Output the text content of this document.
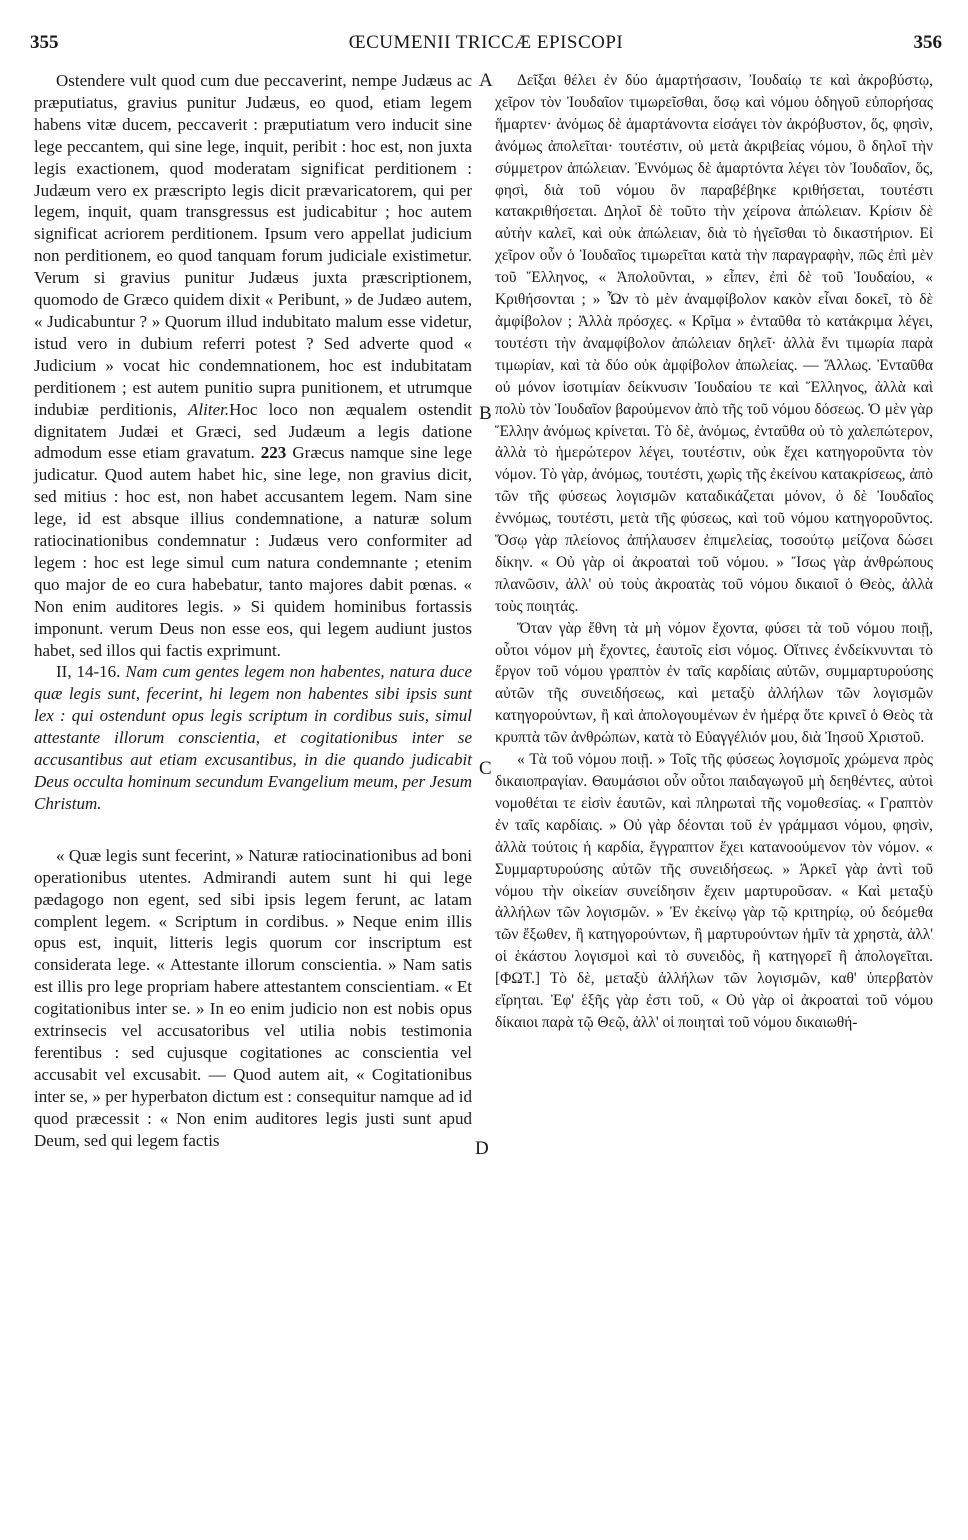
355	ŒCUMENII TRICCÆ EPISCOPI	356
A
B
C
D

Ostendere vult quod cum due peccaverint, nempe Judæus ac præputiatus, gravius punitur Judæus, eo quod, etiam legem habens vitæ ducem, peccaverit : præputiatum vero inducit sine lege peccantem, qui sine lege, inquit, peribit : hoc est, non juxta legis exactionem, quod moderatam significat perditionem : Judæum vero ex præscripto legis dicit prævaricatorem, qui per legem, inquit, quam transgressus est judicabitur ; hoc autem significat acriorem perditionem. Ipsum vero appellat judicium non perditionem, eo quod tanquam forum judiciale existimetur. Verum si gravius punitur Judæus juxta præscriptionem, quomodo de Græco quidem dixit « Peribunt, » de Judæo autem, « Judicabuntur ? » Quorum illud indubitato malum esse videtur, istud vero in dubium referri potest ? Sed adverte quod « Judicium » vocat hic condemnationem, hoc est indubitatam perditionem ; est autem punitio supra punitionem, et utrumque indubiæ perditionis, Aliter.Hoc loco non æqualem ostendit dignitatem Judæi et Græci, sed Judæum a legis datione admodum esse etiam gravatum. 223 Græcus namque sine lege judicatur. Quod autem habet hic, sine lege, non gravius dicit, sed mitius : hoc est, non habet accusantem legem. Nam sine lege, id est absque illius condemnatione, a naturæ solum ratiocinationibus condemnatur : Judæus vero conformiter ad legem : hoc est lege simul cum natura condemnante ; etenim quo major de eo cura habebatur, tanto majores dabit pœnas. « Non enim auditores legis. » Si quidem hominibus fortassis imponunt. verum Deus non esse eos, qui legem audiunt justos habet, sed illos qui factis exprimunt.

II, 14-16. Nam cum gentes legem non habentes, natura duce quæ legis sunt, fecerint, hi legem non habentes sibi ipsis sunt lex : qui ostendunt opus legis scriptum in cordibus suis, simul attestante illorum conscientia, et cogitationibus inter se accusantibus aut etiam excusantibus, in die quando judicabit Deus occulta hominum secundum Evangelium meum, per Jesum Christum.

« Quæ legis sunt fecerint, » Naturæ ratiocinationibus ad boni operationibus utentes. Admirandi autem sunt hi qui lege pædagogo non egent, sed sibi ipsis legem ferunt, ac latam complent legem. « Scriptum in cordibus. » Neque enim illis opus est, inquit, litteris legis quorum cor inscriptum est considerata lege. « Attestante illorum conscientia. » Nam satis est illis pro lege propriam habere attestantem conscientiam. « Et cogitationibus inter se. » In eo enim judicio non est nobis opus extrinsecis vel accusatoribus vel utilia nobis testimonia ferentibus : sed cujusque cogitationes ac conscientia vel accusabit vel excusabit. — Quod autem ait, « Cogitationibus inter se, » per hyperbaton dictum est : consequitur namque ad id quod præcessit : « Non enim auditores legis justi sunt apud Deum, sed qui legem factis

Δεῖξαι θέλει ἐν δύο ἁμαρτήσασιν, Ἰουδαίῳ τε καὶ ἀκροβύστῳ, χεῖρον τὸν Ἰουδαῖον τιμωρεῖσθαι, ὅσῳ καὶ νόμου ὁδηγοῦ εὐπορήσας ἥμαρτεν· ἀνόμως δὲ ἁμαρτάνοντα εἰσάγει τὸν ἀκρόβυστον, ὅς, φησὶν, ἀνόμως ἀπολεῖται· τουτέστιν, οὐ μετὰ ἀκριβείας νόμου, ὃ δηλοῖ τὴν σύμμετρον ἀπώλειαν. Ἐννόμως δὲ ἁμαρτόντα λέγει τὸν Ἰουδαῖον, ὅς, φησὶ, διὰ τοῦ νόμου ὃν παραβέβηκε κριθήσεται, τουτέστι κατακριθήσεται. Δηλοῖ δὲ τοῦτο τὴν χείρονα ἀπώλειαν. Κρίσιν δὲ αὐτὴν καλεῖ, καὶ οὐκ ἀπώλειαν, διὰ τὸ ἡγεῖσθαι τὸ δικαστήριον. Εἰ χεῖρον οὖν ὁ Ἰουδαῖος τιμωρεῖται κατὰ τὴν παραγραφὴν, πῶς ἐπὶ μὲν τοῦ Ἕλληνος, « Ἀπολοῦνται, » εἶπεν, ἐπὶ δὲ τοῦ Ἰουδαίου, « Κριθήσονται ; » Ὧν τὸ μὲν ἀναμφίβολον κακὸν εἶναι δοκεῖ, τὸ δὲ ἀμφίβολον ; Ἀλλὰ πρόσχες. « Κρῖμα » ἐνταῦθα τὸ κατάκριμα λέγει, τουτέστι τὴν ἀναμφίβολον ἀπώλειαν δηλεῖ· ἀλλὰ ἔνι τιμωρία παρὰ τιμωρίαν, καὶ τὰ δύο οὐκ ἀμφίβολον ἀπωλείας. — Ἄλλως. Ἐνταῦθα οὐ μόνον ἰσοτιμίαν δείκνυσιν Ἰουδαίου τε καὶ Ἕλληνος, ἀλλὰ καὶ πολὺ τὸν Ἰουδαῖον βαρούμενον ἀπὸ τῆς τοῦ νόμου δόσεως. Ὁ μὲν γὰρ Ἕλλην ἀνόμως κρίνεται. Τὸ δὲ, ἀνόμως, ἐνταῦθα οὐ τὸ χαλεπώτερον, ἀλλὰ τὸ ἡμερώτερον λέγει, τουτέστιν, οὐκ ἔχει κατηγοροῦντα τὸν νόμον. Τὸ γὰρ, ἀνόμως, τουτέστι, χωρὶς τῆς ἐκείνου κατακρίσεως, ἀπὸ τῶν τῆς φύσεως λογισμῶν καταδικάζεται μόνον, ὁ δὲ Ἰουδαῖος ἐννόμως, τουτέστι, μετὰ τῆς φύσεως, καὶ τοῦ νόμου κατηγοροῦντος. Ὅσῳ γὰρ πλείονος ἀπήλαυσεν ἐπιμελείας, τοσούτῳ μείζονα δώσει δίκην. « Οὐ γὰρ οἱ ἀκροαταὶ τοῦ νόμου. » Ἴσως γὰρ ἀνθρώπους πλανῶσιν, ἀλλ' οὐ τοὺς ἀκροατὰς τοῦ νόμου δικαιοῖ ὁ Θεὸς, ἀλλὰ τοὺς ποιητάς.

Ὅταν γὰρ ἔθνη τὰ μὴ νόμον ἔχοντα, φύσει τὰ τοῦ νόμου ποιῇ, οὗτοι νόμον μὴ ἔχοντες, ἑαυτοῖς εἰσι νόμος. Οἵτινες ἐνδείκνυνται τὸ ἔργον τοῦ νόμου γραπτὸν ἐν ταῖς καρδίαις αὐτῶν, συμμαρτυρούσης αὐτῶν τῆς συνειδήσεως, καὶ μεταξὺ ἀλλήλων τῶν λογισμῶν κατηγορούντων, ἢ καὶ ἀπολογουμένων ἐν ἡμέρᾳ ὅτε κρινεῖ ὁ Θεὸς τὰ κρυπτὰ τῶν ἀνθρώπων, κατὰ τὸ Εὐαγγέλιόν μου, διὰ Ἰησοῦ Χριστοῦ.

« Τὰ τοῦ νόμου ποιῇ. » Τοῖς τῆς φύσεως λογισμοῖς χρώμενα πρὸς δικαιοπραγίαν. Θαυμάσιοι οὖν οὗτοι παιδαγωγοῦ μὴ δεηθέντες, αὐτοὶ νομοθέται τε εἰσὶν ἑαυτῶν, καὶ πληρωταὶ τῆς νομοθεσίας. « Γραπτὸν ἐν ταῖς καρδίαις. » Οὐ γὰρ δέονται τοῦ ἐν γράμμασι νόμου, φησὶν, ἀλλὰ τούτοις ἡ καρδία, ἔγγραπτον ἔχει κατανοούμενον τὸν νόμον. « Συμμαρτυρούσης αὐτῶν τῆς συνειδήσεως. » Ἀρκεῖ γὰρ ἀντὶ τοῦ νόμου τὴν οἰκείαν συνείδησιν ἔχειν μαρτυροῦσαν. « Καὶ μεταξὺ ἀλλήλων τῶν λογισμῶν. » Ἐν ἐκείνῳ γὰρ τῷ κριτηρίῳ, οὐ δεόμεθα τῶν ἔξωθεν, ἢ κατηγορούντων, ἢ μαρτυρούντων ἡμῖν τὰ χρηστὰ, ἀλλ' οἱ ἑκάστου λογισμοὶ καὶ τὸ συνειδὸς, ἢ κατηγορεῖ ἢ ἀπολογεῖται. [ΦΩΤ.] Τὸ δὲ, μεταξὺ ἀλλήλων τῶν λογισμῶν, καθ' ὑπερβατὸν εἴρηται. Ἐφ' ἑξῆς γὰρ ἐστι τοῦ, « Οὐ γὰρ οἱ ἀκροαταὶ τοῦ νόμου δίκαιοι παρὰ τῷ Θεῷ, ἀλλ' οἱ ποιηταὶ τοῦ νόμου δικαιωθή-
